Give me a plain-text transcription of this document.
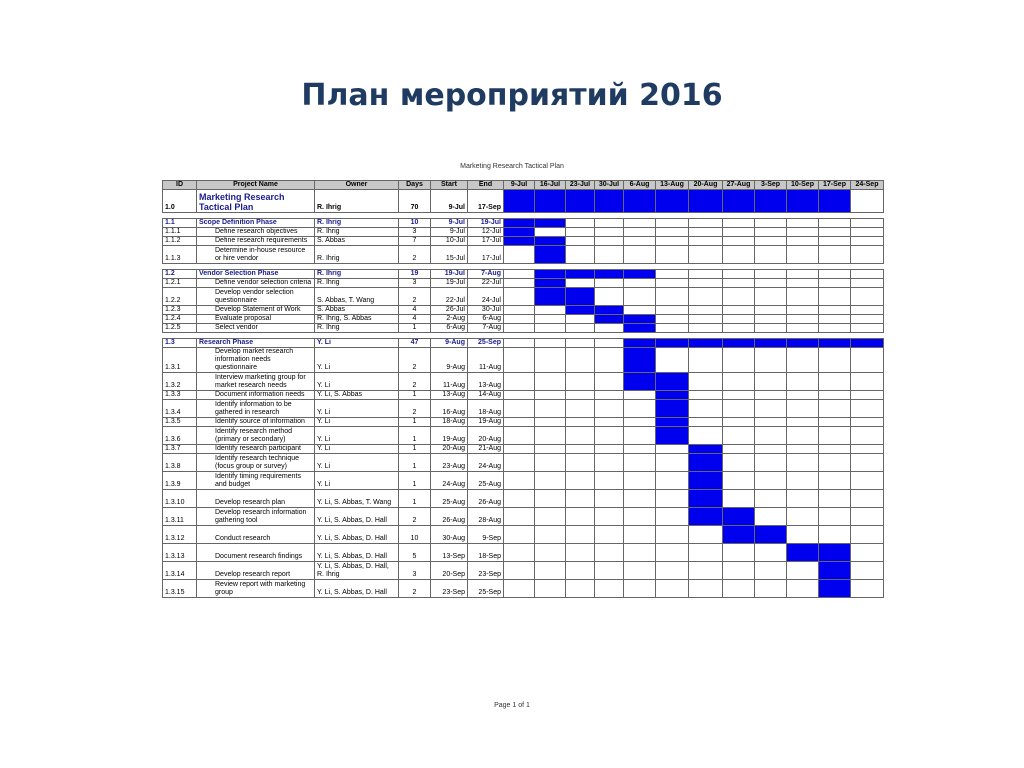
План мероприятий 2016
Marketing Research Tactical Plan
ID	Project Name	Owner	Days	Start	End	9-Jul	16-Jul	23-Jul	30-Jul	6-Aug	13-Aug	20-Aug	27-Aug	3-Sep	10-Sep	17-Sep	24-Sep
1.0	Marketing Research Tactical Plan	R. Ihrig	70	9-Jul	17-Sep												

1.1	Scope Definition Phase	R. Ihrig	10	9-Jul	19-Jul												
1.1.1	Define research objectives	R. Ihrig	3	9-Jul	12-Jul												
1.1.2	Define research requirements	S. Abbas	7	10-Jul	17-Jul												
1.1.3	Determine in-house resource or hire vendor	R. Ihrig	2	15-Jul	17-Jul												

1.2	Vendor Selection Phase	R. Ihrig	19	19-Jul	7-Aug												
1.2.1	Define vendor selection criteria	R. Ihrig	3	19-Jul	22-Jul												
1.2.2	Develop vendor selection questionnaire	S. Abbas, T. Wang	2	22-Jul	24-Jul												
1.2.3	Develop Statement of Work	S. Abbas	4	26-Jul	30-Jul												
1.2.4	Evaluate proposal	R. Ihrig, S. Abbas	4	2-Aug	6-Aug												
1.2.5	Select vendor	R. Ihrig	1	6-Aug	7-Aug												

1.3	Research Phase	Y. Li	47	9-Aug	25-Sep												
1.3.1	Develop market research information needs questionnaire	Y. Li	2	9-Aug	11-Aug												
1.3.2	Interview marketing group for market research needs	Y. Li	2	11-Aug	13-Aug												
1.3.3	Document information needs	Y. Li, S. Abbas	1	13-Aug	14-Aug												
1.3.4	Identify information to be gathered in research	Y. Li	2	16-Aug	18-Aug												
1.3.5	Identify source of information	Y. Li	1	18-Aug	19-Aug												
1.3.6	Identify research method (primary or secondary)	Y. Li	1	19-Aug	20-Aug												
1.3.7	Identify research participant	Y. Li	1	20-Aug	21-Aug												
1.3.8	Identify research technique (focus group or survey)	Y. Li	1	23-Aug	24-Aug												
1.3.9	Identify timing requirements and budget	Y. Li	1	24-Aug	25-Aug												
1.3.10	Develop research plan	Y. Li, S. Abbas, T. Wang	1	25-Aug	26-Aug												
1.3.11	Develop research information gathering tool	Y. Li, S. Abbas, D. Hall	2	26-Aug	28-Aug												
1.3.12	Conduct research	Y. Li, S. Abbas, D. Hall	10	30-Aug	9-Sep												
1.3.13	Document research findings	Y. Li, S. Abbas, D. Hall	5	13-Sep	18-Sep												
1.3.14	Develop research report	Y. Li, S. Abbas, D. Hall, R. Ihrig	3	20-Sep	23-Sep												
1.3.15	Review report with marketing group	Y. Li, S. Abbas, D. Hall	2	23-Sep	25-Sep												
Page 1 of 1
